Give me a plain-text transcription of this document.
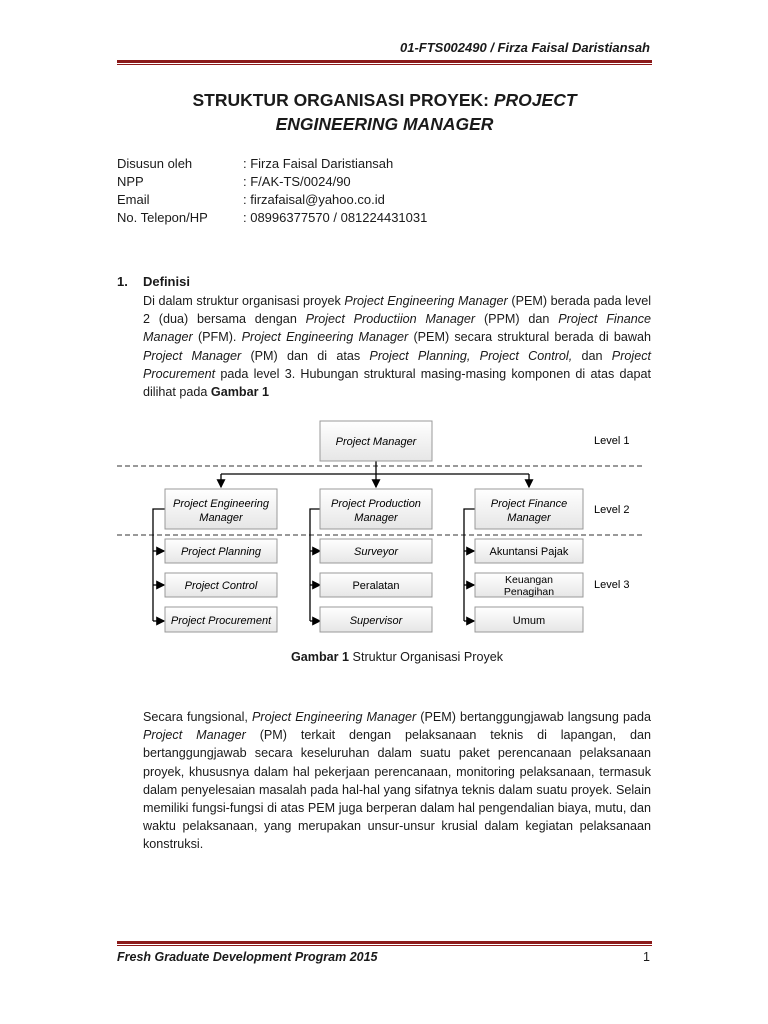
01-FTS002490 / Firza Faisal Daristiansah
STRUKTUR ORGANISASI PROYEK: PROJECT
ENGINEERING MANAGER
Disusun oleh	: Firza Faisal Daristiansah
NPP	: F/AK-TS/0024/90
Email	: firzafaisal@yahoo.co.id
No. Telepon/HP	: 08996377570 / 081224431031
1. Definisi
Di dalam struktur organisasi proyek Project Engineering Manager (PEM) berada pada level 2 (dua) bersama dengan Project Productiion Manager (PPM) dan Project Finance Manager (PFM). Project Engineering Manager (PEM) secara struktural berada di bawah Project Manager (PM) dan di atas Project Planning, Project Control, dan Project Procurement pada level 3. Hubungan struktural masing-masing komponen di atas dapat dilihat pada Gambar 1
Project Manager	Level 1
Level 2
Level 3
Project Engineering
Manager
Project Production
Manager
Project Finance
Manager
Project Planning
Project Control
Project Procurement
Surveyor
Peralatan
Supervisor
Akuntansi Pajak
Keuangan
Penagihan
Umum
Gambar 1 Struktur Organisasi Proyek
Secara fungsional, Project Engineering Manager (PEM) bertanggungjawab langsung pada Project Manager (PM) terkait dengan pelaksanaan teknis di lapangan, dan bertanggungjawab secara keseluruhan dalam suatu paket perencanaan pelaksanaan proyek, khususnya dalam hal pekerjaan perencanaan, monitoring pelaksanaan, termasuk dalam penyelesaian masalah pada hal-hal yang sifatnya teknis dalam suatu proyek. Selain memiliki fungsi-fungsi di atas PEM juga berperan dalam hal pengendalian biaya, mutu, dan waktu pelaksanaan, yang merupakan unsur-unsur krusial dalam kegiatan pelaksanaan konstruksi.
Fresh Graduate Development Program 2015	1
